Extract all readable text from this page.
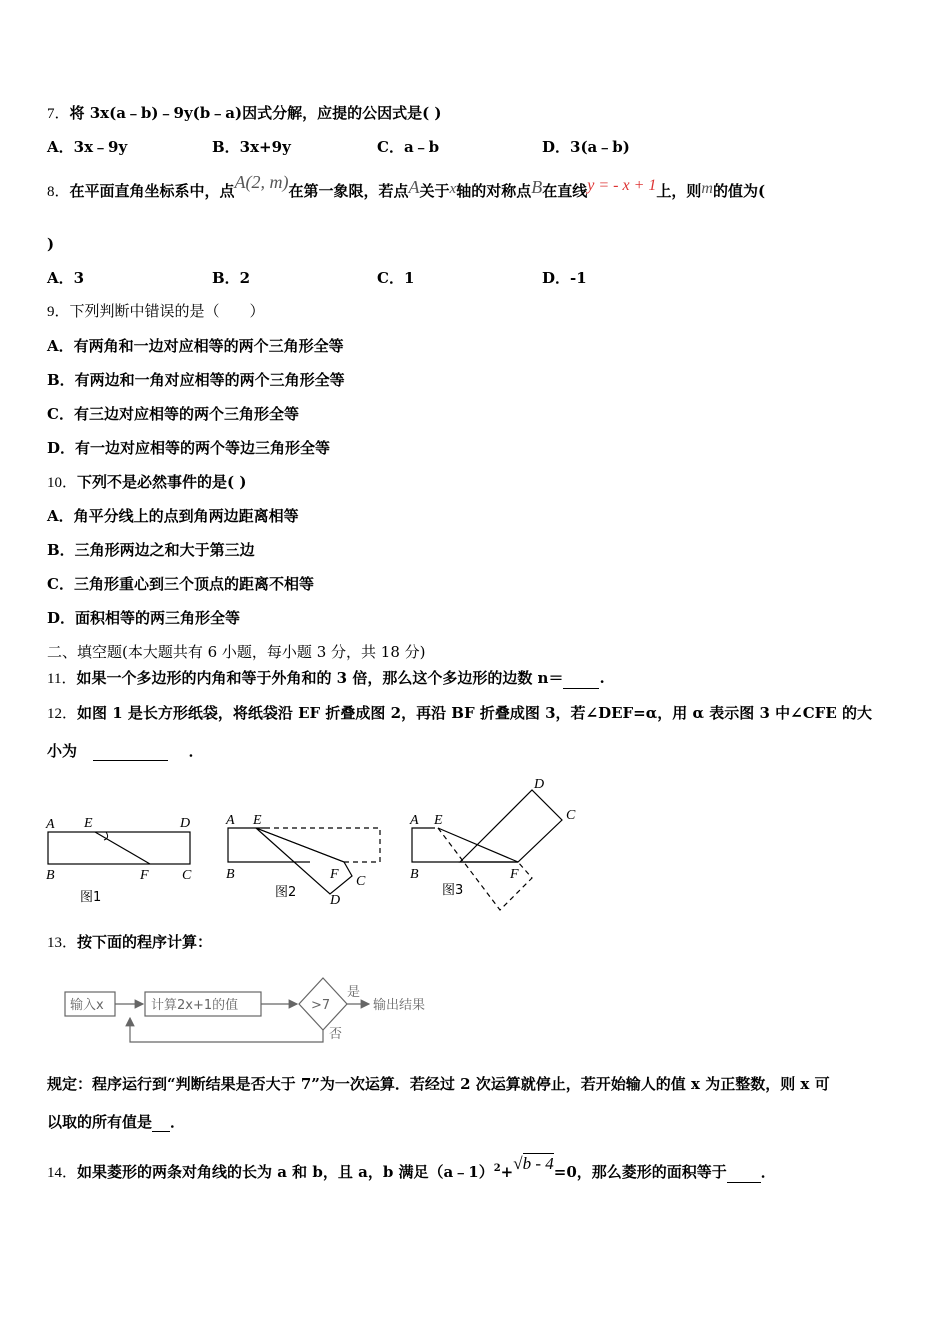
7．将 3x(a﹣b)﹣9y(b﹣a)因式分解，应提的公因式是( )
A．3x﹣9y	B．3x+9y	C．a﹣b	D．3(a﹣b)
8．在平面直角坐标系中，点A(2, m)在第一象限，若点A关于x轴的对称点B在直线y = - x + 1上，则m的值为(
)
A．3	B．2	C．1	D．-1
9．下列判断中错误的是（　　）
A．有两角和一边对应相等的两个三角形全等
B．有两边和一角对应相等的两个三角形全等
C．有三边对应相等的两个三角形全等
D．有一边对应相等的两个等边三角形全等
10．下列不是必然事件的是( )
A．角平分线上的点到角两边距离相等
B．三角形两边之和大于第三边
C．三角形重心到三个顶点的距离不相等
D．面积相等的两三角形全等
二、填空题(本大题共有 6 小题，每小题 3 分，共 18 分)
11．如果一个多边形的内角和等于外角和的 3 倍，那么这个多边形的边数 n＝ .
12．如图 1 是长方形纸袋，将纸袋沿 EF 折叠成图 2，再沿 BF 折叠成图 3，若∠DEF=α，用 α 表示图 3 中∠CFE 的大
小为	．
A E	D
B	F C
图1
A E
B	F C
D
图2
A E
D
C
B	F
图3
13．按下面的程序计算：
输入x	计算2x+1的值	>7
是
输出结果
否
规定：程序运行到“判断结果是否大于 7”为一次运算．若经过 2 次运算就停止，若开始输人的值 x 为正整数，则 x 可
以取的所有值是 ．
14．如果菱形的两条对角线的长为 a 和 b，且 a，b 满足（a﹣1）$^2$+√b - 4=0，那么菱形的面积等于 ．
